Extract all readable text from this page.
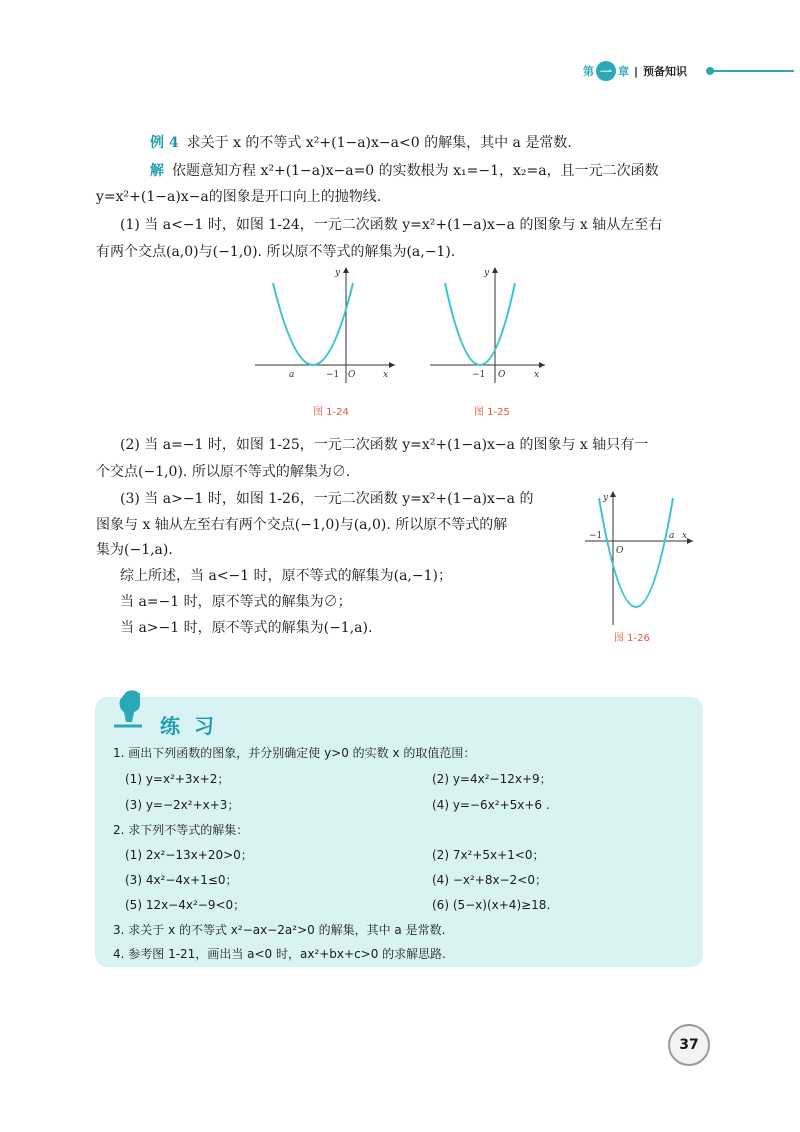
第 一 章 | 预备知识
例 4 求关于 x 的不等式 x²+(1−a)x−a<0 的解集，其中 a 是常数.
解 依题意知方程 x²+(1−a)x−a=0 的实数根为 x₁=−1，x₂=a，且一元二次函数
y=x²+(1−a)x−a的图象是开口向上的抛物线.
(1) 当 a<−1 时，如图 1-24，一元二次函数 y=x²+(1−a)x−a 的图象与 x 轴从左至右
有两个交点(a,0)与(−1,0). 所以原不等式的解集为(a,−1).
a	−1 O	x
y
图 1-24
−1 O	x
y
图 1-25
(2) 当 a=−1 时，如图 1-25，一元二次函数 y=x²+(1−a)x−a 的图象与 x 轴只有一
个交点(−1,0). 所以原不等式的解集为∅.
(3) 当 a>−1 时，如图 1-26，一元二次函数 y=x²+(1−a)x−a 的
图象与 x 轴从左至右有两个交点(−1,0)与(a,0). 所以原不等式的解
集为(−1,a).
−1
O
a x
y
图 1-26
综上所述，当 a<−1 时，原不等式的解集为(a,−1)；
当 a=−1 时，原不等式的解集为∅；
当 a>−1 时，原不等式的解集为(−1,a).
练习
1. 画出下列函数的图象，并分别确定使 y>0 的实数 x 的取值范围：
(1) y=x²+3x+2；	(2) y=4x²−12x+9；
(3) y=−2x²+x+3；	(4) y=−6x²+5x+6 .
2. 求下列不等式的解集：
(1) 2x²−13x+20>0；	(2) 7x²+5x+1<0；
(3) 4x²−4x+1≤0；	(4) −x²+8x−2<0；
(5) 12x−4x²−9<0；	(6) (5−x)(x+4)≥18.
3. 求关于 x 的不等式 x²−ax−2a²>0 的解集，其中 a 是常数.
4. 参考图 1-21，画出当 a<0 时，ax²+bx+c>0 的求解思路.
37
